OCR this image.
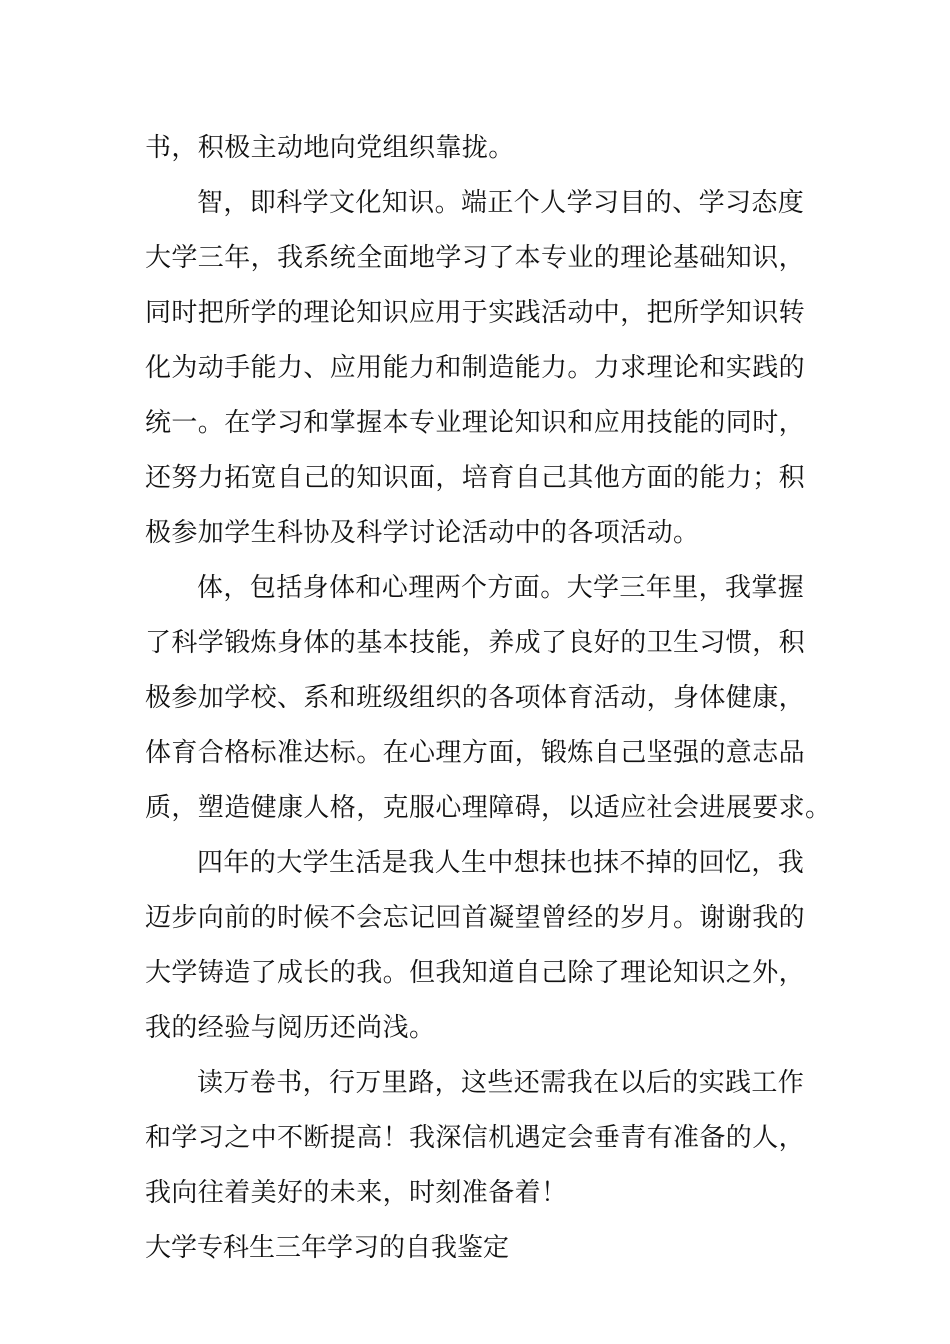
书，积极主动地向党组织靠拢。
智，即科学文化知识。端正个人学习目的、学习态度
大学三年，我系统全面地学习了本专业的理论基础知识，
同时把所学的理论知识应用于实践活动中，把所学知识转
化为动手能力、应用能力和制造能力。力求理论和实践的
统一。在学习和掌握本专业理论知识和应用技能的同时，
还努力拓宽自己的知识面，培育自己其他方面的能力；积
极参加学生科协及科学讨论活动中的各项活动。
体，包括身体和心理两个方面。大学三年里，我掌握
了科学锻炼身体的基本技能，养成了良好的卫生习惯，积
极参加学校、系和班级组织的各项体育活动，身体健康，
体育合格标准达标。在心理方面，锻炼自己坚强的意志品
质，塑造健康人格，克服心理障碍，以适应社会进展要求。
四年的大学生活是我人生中想抹也抹不掉的回忆，我
迈步向前的时候不会忘记回首凝望曾经的岁月。谢谢我的
大学铸造了成长的我。但我知道自己除了理论知识之外，
我的经验与阅历还尚浅。
读万卷书，行万里路，这些还需我在以后的实践工作
和学习之中不断提高！我深信机遇定会垂青有准备的人，
我向往着美好的未来，时刻准备着！
大学专科生三年学习的自我鉴定
